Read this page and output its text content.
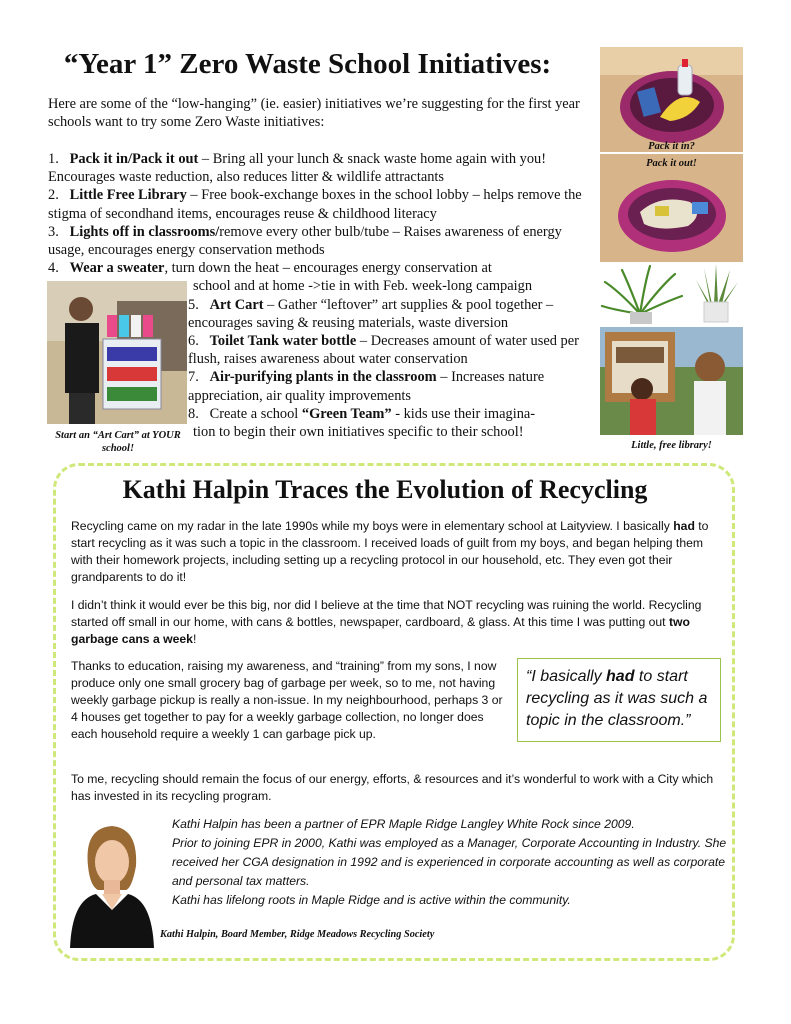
“Year 1” Zero Waste School Initiatives:
Here are some of the “low-hanging” (ie. easier) initiatives we’re suggesting for the first year schools want to try some Zero Waste initiatives:

1. Pack it in/Pack it out – Bring all your lunch & snack waste home again with you! Encourages waste reduction, also reduces litter & wildlife attractants

2. Little Free Library – Free book-exchange boxes in the school lobby – helps remove the stigma of secondhand items, encourages reuse & childhood literacy

3. Lights off in classrooms/remove every other bulb/tube – Raises awareness of energy usage, encourages energy conservation methods

4. Wear a sweater, turn down the heat – encourages energy conservation at

school and at home ->tie in with Feb. week-long campaign

5. Art Cart – Gather “leftover” art supplies & pool together –encourages saving & reusing materials, waste diversion

6. Toilet Tank water bottle – Decreases amount of water used per flush, raises awareness about water conservation

7. Air-purifying plants in the classroom – Increases nature appreciation, air quality improvements

8. Create a school “Green Team” - kids use their imagina-

tion to begin their own initiatives specific to their school!

Pack it in?
Pack it out!
Little, free library!
Start an “Art Cart” at YOUR school!
Kathi Halpin Traces the Evolution of Recycling

Recycling came on my radar in the late 1990s while my boys were in elementary school at Laityview. I basically had to start recycling as it was such a topic in the classroom. I received loads of guilt from my boys, and began helping them with their homework projects, including setting up a recycling protocol in our household, etc. They even got their grandparents to do it!

I didn’t think it would ever be this big, nor did I believe at the time that NOT recycling was ruining the world. Recycling started off small in our home, with cans & bottles, newspaper, cardboard, & glass. At this time I was putting out two garbage cans a week!

Thanks to education, raising my awareness, and “training” from my sons, I now produce only one small grocery bag of garbage per week, so to me, not having weekly garbage pickup is really a non-issue. In my neighbourhood, perhaps 3 or 4 houses get together to pay for a weekly garbage collection, no longer does each household require a weekly 1 can garbage pick up.

“I basically had to start recycling as it was such a topic in the classroom.”

To me, recycling should remain the focus of our energy, efforts, & resources and it’s wonderful to work with a City which has invested in its recycling program.

Kathi Halpin has been a partner of EPR Maple Ridge Langley White Rock since 2009.

Prior to joining EPR in 2000, Kathi was employed as a Manager, Corporate Accounting in Industry. She received her CGA designation in 1992 and is experienced in corporate accounting as well as corporate and personal tax matters.

Kathi has lifelong roots in Maple Ridge and is active within the community.

Kathi Halpin, Board Member, Ridge Meadows Recycling Society
